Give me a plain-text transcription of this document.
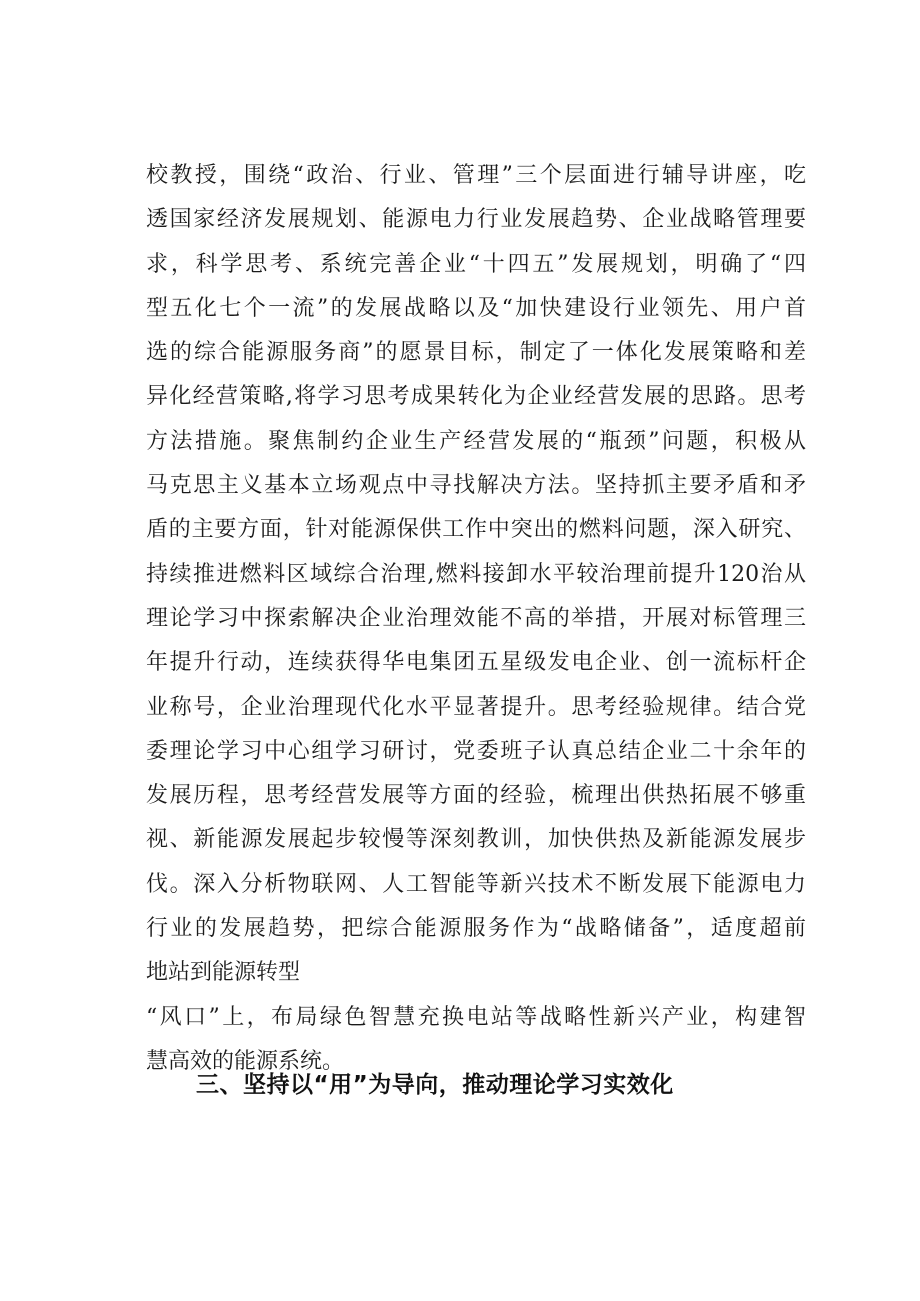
校教授，围绕“政治、行业、管理”三个层面进行辅导讲座，吃
透国家经济发展规划、能源电力行业发展趋势、企业战略管理要
求，科学思考、系统完善企业“十四五”发展规划，明确了“四
型五化七个一流”的发展战略以及“加快建设行业领先、用户首
选的综合能源服务商”的愿景目标，制定了一体化发展策略和差
异化经营策略,将学习思考成果转化为企业经营发展的思路。思考
方法措施。聚焦制约企业生产经营发展的“瓶颈”问题，积极从
马克思主义基本立场观点中寻找解决方法。坚持抓主要矛盾和矛
盾的主要方面，针对能源保供工作中突出的燃料问题，深入研究、
持续推进燃料区域综合治理,燃料接卸水平较治理前提升120治从
理论学习中探索解决企业治理效能不高的举措，开展对标管理三
年提升行动，连续获得华电集团五星级发电企业、创一流标杆企
业称号，企业治理现代化水平显著提升。思考经验规律。结合党
委理论学习中心组学习研讨，党委班子认真总结企业二十余年的
发展历程，思考经营发展等方面的经验，梳理出供热拓展不够重
视、新能源发展起步较慢等深刻教训，加快供热及新能源发展步
伐。深入分析物联网、人工智能等新兴技术不断发展下能源电力
行业的发展趋势，把综合能源服务作为“战略储备”，适度超前
地站到能源转型
“风口”上，布局绿色智慧充换电站等战略性新兴产业，构建智
慧高效的能源系统。
三、坚持以“用”为导向，推动理论学习实效化
